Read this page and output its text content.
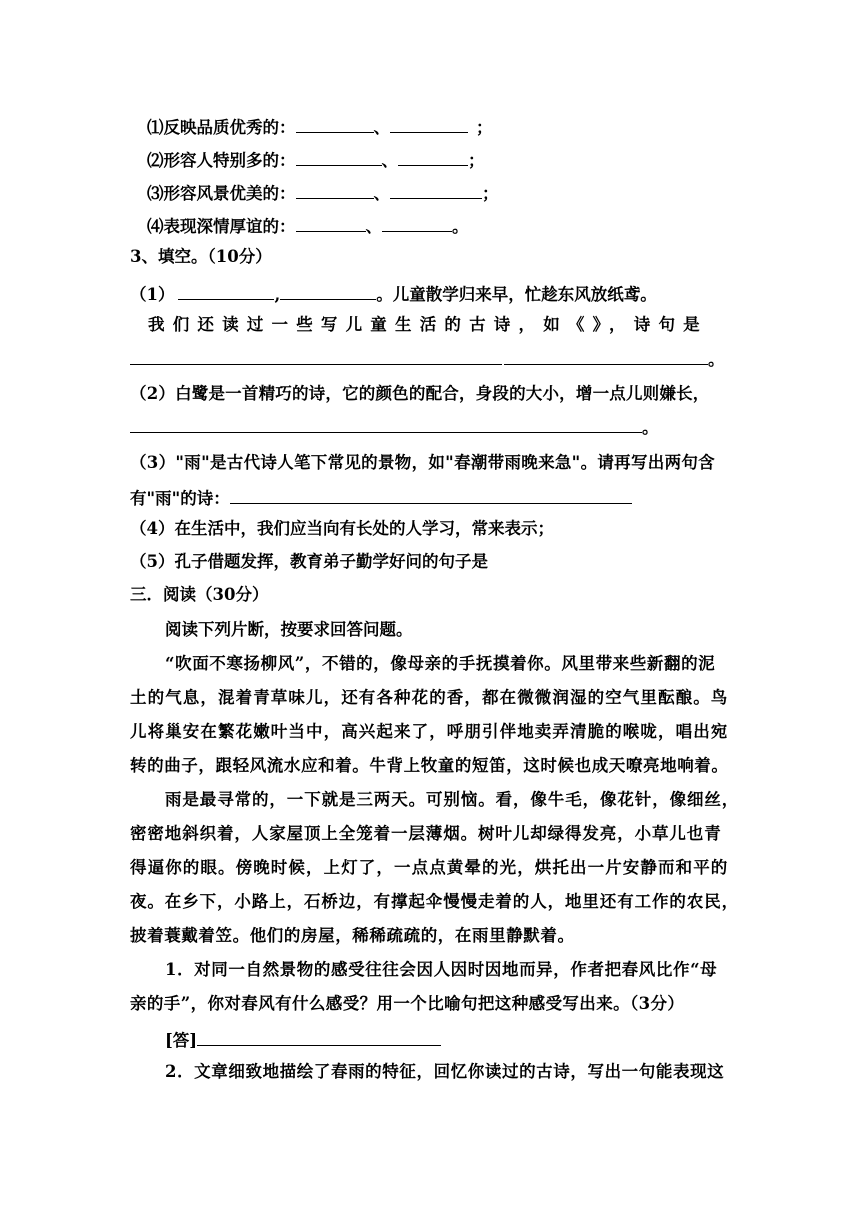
⑴反映品质优秀的：	、	；
⑵形容人特别多的：	、	；
⑶形容风景优美的：	、	；
⑷表现深情厚谊的：	、	。
3、填空。（10分）
（1）	,	。儿童散学归来早，忙趁东风放纸鸢。
我们还读过一些写儿童生活的古诗，如《》，诗句是
。
（2）白鹭是一首精巧的诗，它的颜色的配合，身段的大小，增一点儿则嫌长，
。
（3）"雨"是古代诗人笔下常见的景物，如"春潮带雨晚来急"。请再写出两句含
有"雨"的诗：
（4）在生活中，我们应当向有长处的人学习，常来表示；
（5）孔子借题发挥，教育弟子勤学好问的句子是
三．阅读（30分）
阅读下列片断，按要求回答问题。
“吹面不寒扬柳风”，不错的，像母亲的手抚摸着你。风里带来些新翻的泥
土的气息，混着青草味儿，还有各种花的香，都在微微润湿的空气里酝酿。鸟
儿将巢安在繁花嫩叶当中，高兴起来了，呼朋引伴地卖弄清脆的喉咙，唱出宛
转的曲子，跟轻风流水应和着。牛背上牧童的短笛，这时候也成天嘹亮地响着。
雨是最寻常的，一下就是三两天。可别恼。看，像牛毛，像花针，像细丝，
密密地斜织着，人家屋顶上全笼着一层薄烟。树叶儿却绿得发亮，小草儿也青
得逼你的眼。傍晚时候，上灯了，一点点黄晕的光，烘托出一片安静而和平的
夜。在乡下，小路上，石桥边，有撑起伞慢慢走着的人，地里还有工作的农民，
披着蓑戴着笠。他们的房屋，稀稀疏疏的，在雨里静默着。
1．对同一自然景物的感受往往会因人因时因地而异，作者把春风比作“母
亲的手”，你对春风有什么感受？用一个比喻句把这种感受写出来。（3分）
[答]
2．文章细致地描绘了春雨的特征，回忆你读过的古诗，写出一句能表现这
